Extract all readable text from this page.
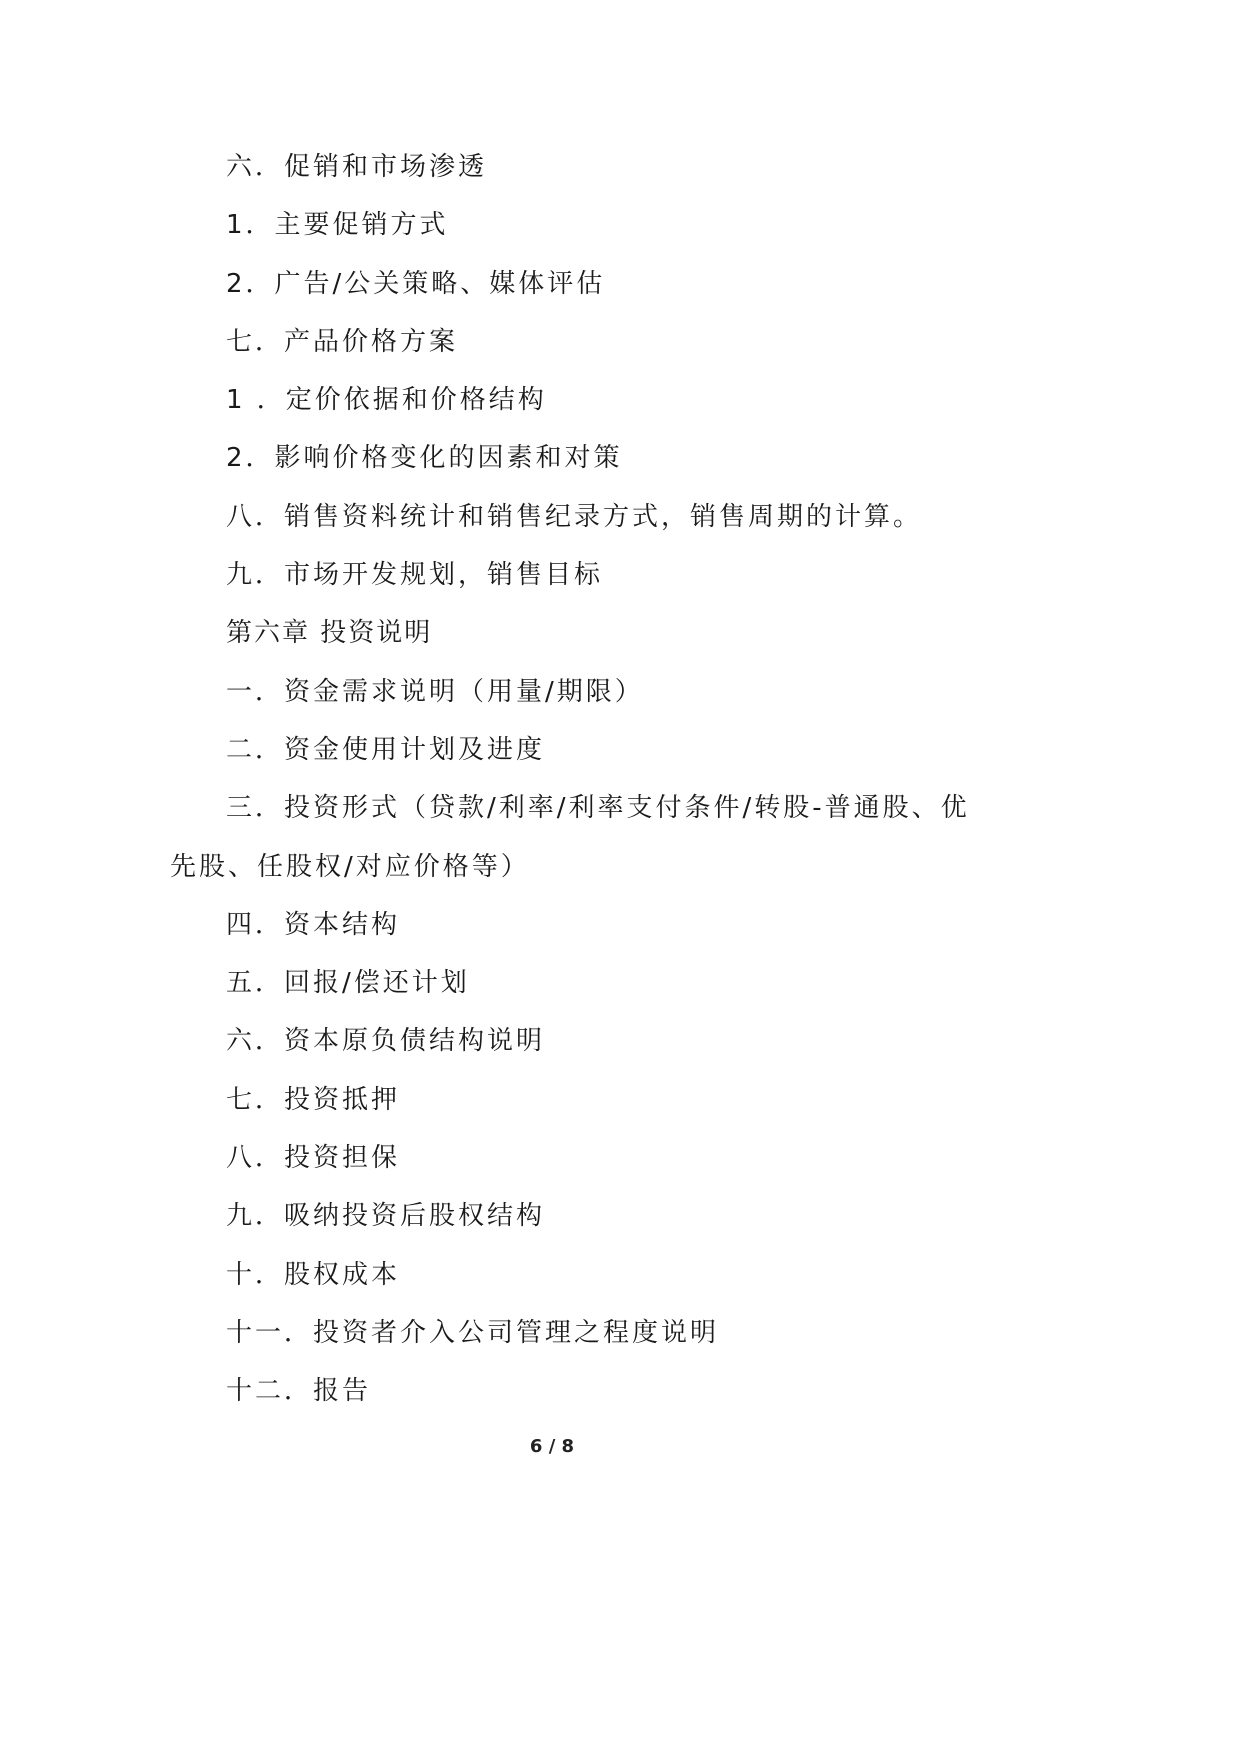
六．促销和市场渗透
1．主要促销方式
2．广告/公关策略、媒体评估
七．产品价格方案
1 ．定价依据和价格结构
2．影响价格变化的因素和对策
八．销售资料统计和销售纪录方式，销售周期的计算。
九．市场开发规划，销售目标
第六章 投资说明
一．资金需求说明（用量/期限）
二．资金使用计划及进度
三．投资形式（贷款/利率/利率支付条件/转股-普通股、优
先股、任股权/对应价格等）
四．资本结构
五．回报/偿还计划
六．资本原负债结构说明
七．投资抵押
八．投资担保
九．吸纳投资后股权结构
十．股权成本
十一．投资者介入公司管理之程度说明
十二．报告
6 / 8
